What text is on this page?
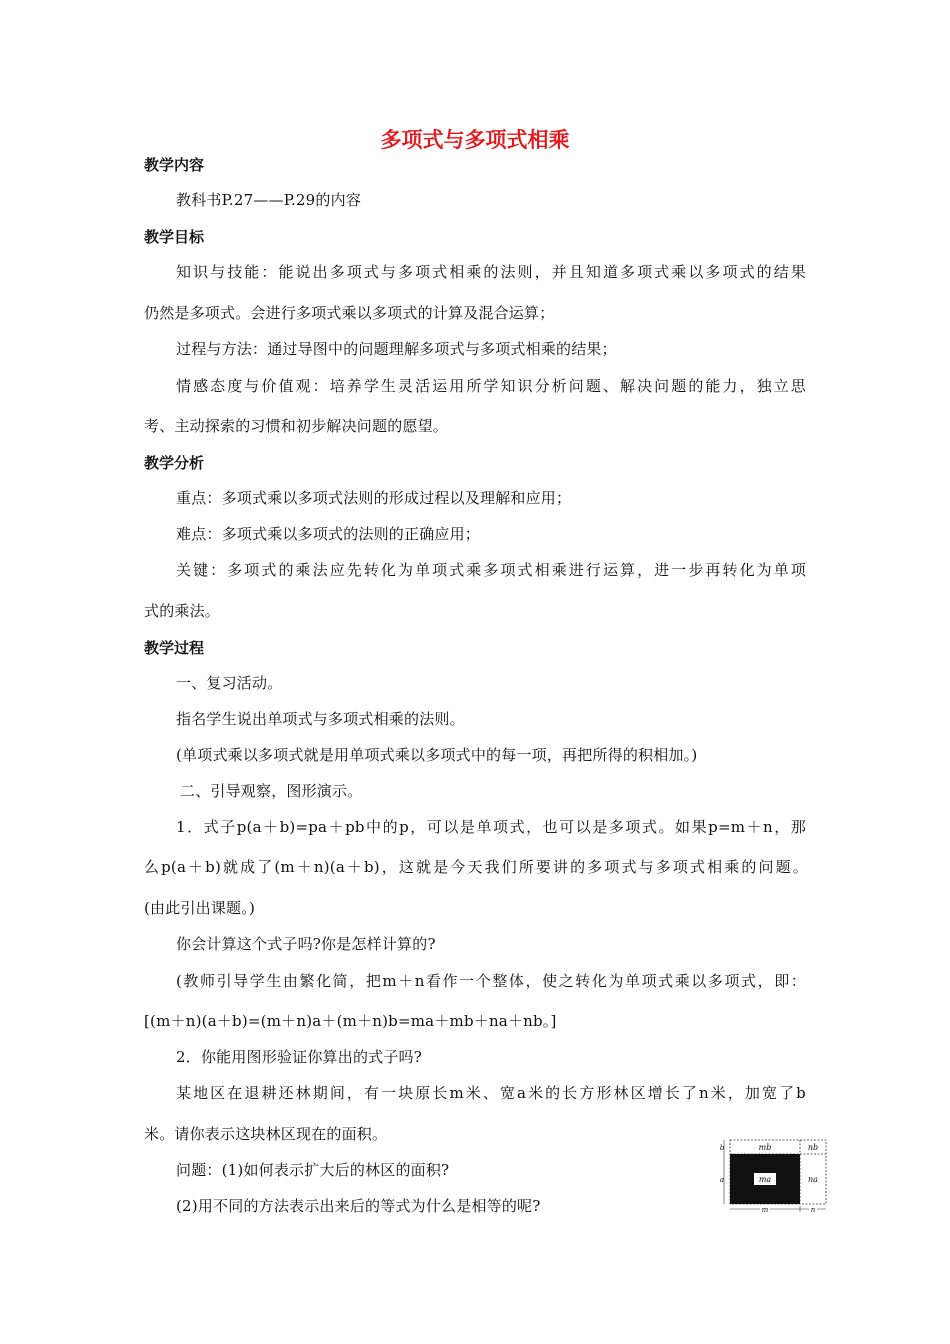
多项式与多项式相乘
教学内容
教科书P.27——P.29的内容
教学目标
知识与技能：能说出多项式与多项式相乘的法则，并且知道多项式乘以多项式的结果
仍然是多项式。会进行多项式乘以多项式的计算及混合运算；
过程与方法：通过导图中的问题理解多项式与多项式相乘的结果；
情感态度与价值观：培养学生灵活运用所学知识分析问题、解决问题的能力，独立思
考、主动探索的习惯和初步解决问题的愿望。
教学分析
重点：多项式乘以多项式法则的形成过程以及理解和应用；
难点：多项式乘以多项式的法则的正确应用；
关键：多项式的乘法应先转化为单项式乘多项式相乘进行运算，进一步再转化为单项
式的乘法。
教学过程
一、复习活动。
指名学生说出单项式与多项式相乘的法则。
(单项式乘以多项式就是用单项式乘以多项式中的每一项，再把所得的积相加。)
二、引导观察，图形演示。
1．式子p(a＋b)=pa＋pb中的p，可以是单项式，也可以是多项式。如果p=m＋n，那
么p(a＋b)就成了(m＋n)(a＋b)，这就是今天我们所要讲的多项式与多项式相乘的问题。
(由此引出课题。)
你会计算这个式子吗?你是怎样计算的?
(教师引导学生由繁化简，把m＋n看作一个整体，使之转化为单项式乘以多项式，即：
[(m＋n)(a＋b)=(m＋n)a＋(m＋n)b=ma＋mb＋na＋nb。]
2．你能用图形验证你算出的式子吗?
某地区在退耕还林期间，有一块原长m米、宽a米的长方形林区增长了n米，加宽了b
米。请你表示这块林区现在的面积。
问题：(1)如何表示扩大后的林区的面积?
(2)用不同的方法表示出来后的等式为什么是相等的呢?
mb	nb
ma	na
b
a
m	n
